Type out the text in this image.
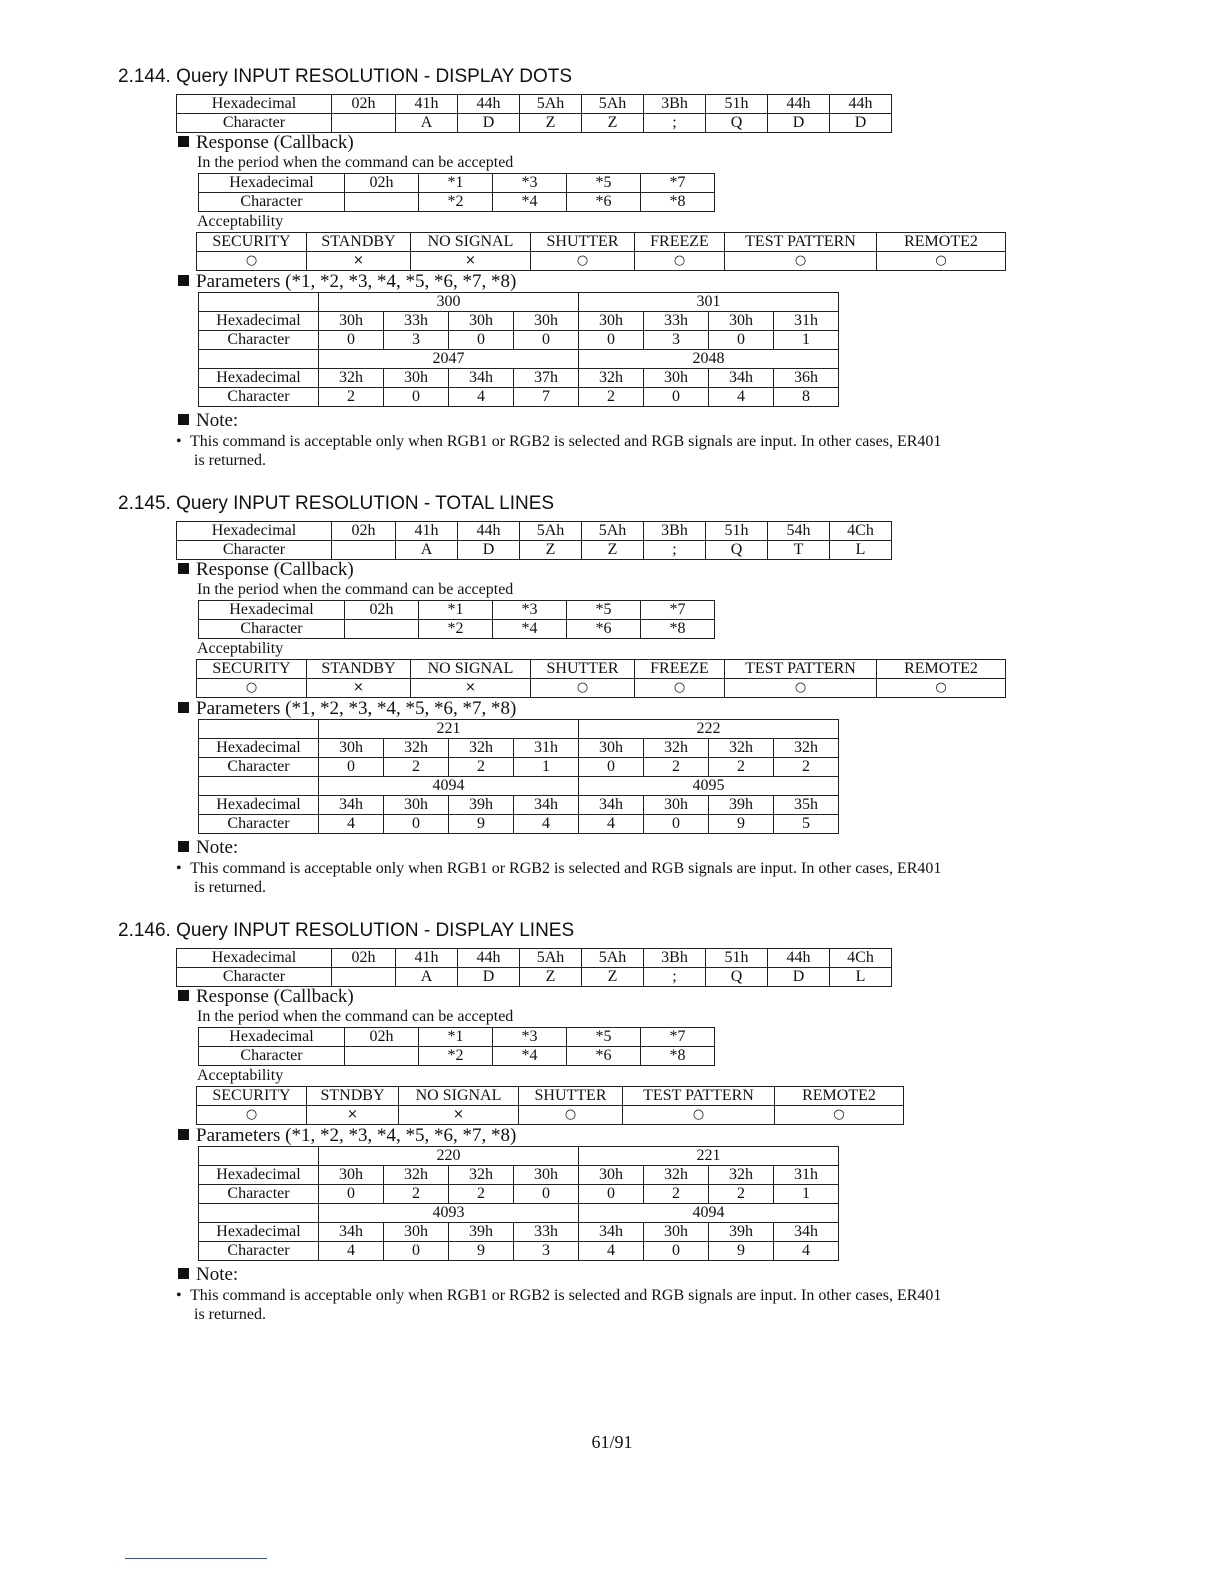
2.144. Query INPUT RESOLUTION - DISPLAY DOTS
Hexadecimal	02h	41h	44h	5Ah	5Ah	3Bh	51h	44h	44h	
Character		A	D	Z	Z	;	Q	D	D	
Response (Callback)
In the period when the command can be accepted
Hexadecimal	02h	*1	*3	*5	*7	
Character		*2	*4	*6	*8	
Acceptability
SECURITY	STANDBY	NO SIGNAL	SHUTTER	FREEZE	TEST PATTERN	REMOTE2
○	×	×	○	○	○	○
Parameters (*1, *2, *3, *4, *5, *6, *7, *8)
	300				301			
Hexadecimal	30h	33h	30h	30h	30h	33h	30h	31h
Character	0	3	0	0	0	3	0	1
	2047				2048			
Hexadecimal	32h	30h	34h	37h	32h	30h	34h	36h
Character	2	0	4	7	2	0	4	8
Note:
• This command is acceptable only when RGB1 or RGB2 is selected and RGB signals are input. In other cases, ER401
is returned.
2.145. Query INPUT RESOLUTION - TOTAL LINES
Hexadecimal	02h	41h	44h	5Ah	5Ah	3Bh	51h	54h	4Ch	
Character		A	D	Z	Z	;	Q	T	L	
Response (Callback)
In the period when the command can be accepted
Hexadecimal	02h	*1	*3	*5	*7	
Character		*2	*4	*6	*8	
Acceptability
SECURITY	STANDBY	NO SIGNAL	SHUTTER	FREEZE	TEST PATTERN	REMOTE2
○	×	×	○	○	○	○
Parameters (*1, *2, *3, *4, *5, *6, *7, *8)
	221				222			
Hexadecimal	30h	32h	32h	31h	30h	32h	32h	32h
Character	0	2	2	1	0	2	2	2
	4094				4095			
Hexadecimal	34h	30h	39h	34h	34h	30h	39h	35h
Character	4	0	9	4	4	0	9	5
Note:
• This command is acceptable only when RGB1 or RGB2 is selected and RGB signals are input. In other cases, ER401
is returned.
2.146. Query INPUT RESOLUTION - DISPLAY LINES
Hexadecimal	02h	41h	44h	5Ah	5Ah	3Bh	51h	44h	4Ch	
Character		A	D	Z	Z	;	Q	D	L	
Response (Callback)
In the period when the command can be accepted
Hexadecimal	02h	*1	*3	*5	*7	
Character		*2	*4	*6	*8	
Acceptability
SECURITY	STNDBY	NO SIGNAL	SHUTTER	TEST PATTERN	REMOTE2
○	×	×	○	○	○
Parameters (*1, *2, *3, *4, *5, *6, *7, *8)
	220				221			
Hexadecimal	30h	32h	32h	30h	30h	32h	32h	31h
Character	0	2	2	0	0	2	2	1
	4093				4094			
Hexadecimal	34h	30h	39h	33h	34h	30h	39h	34h
Character	4	0	9	3	4	0	9	4
Note:
• This command is acceptable only when RGB1 or RGB2 is selected and RGB signals are input. In other cases, ER401
is returned.
61/91
